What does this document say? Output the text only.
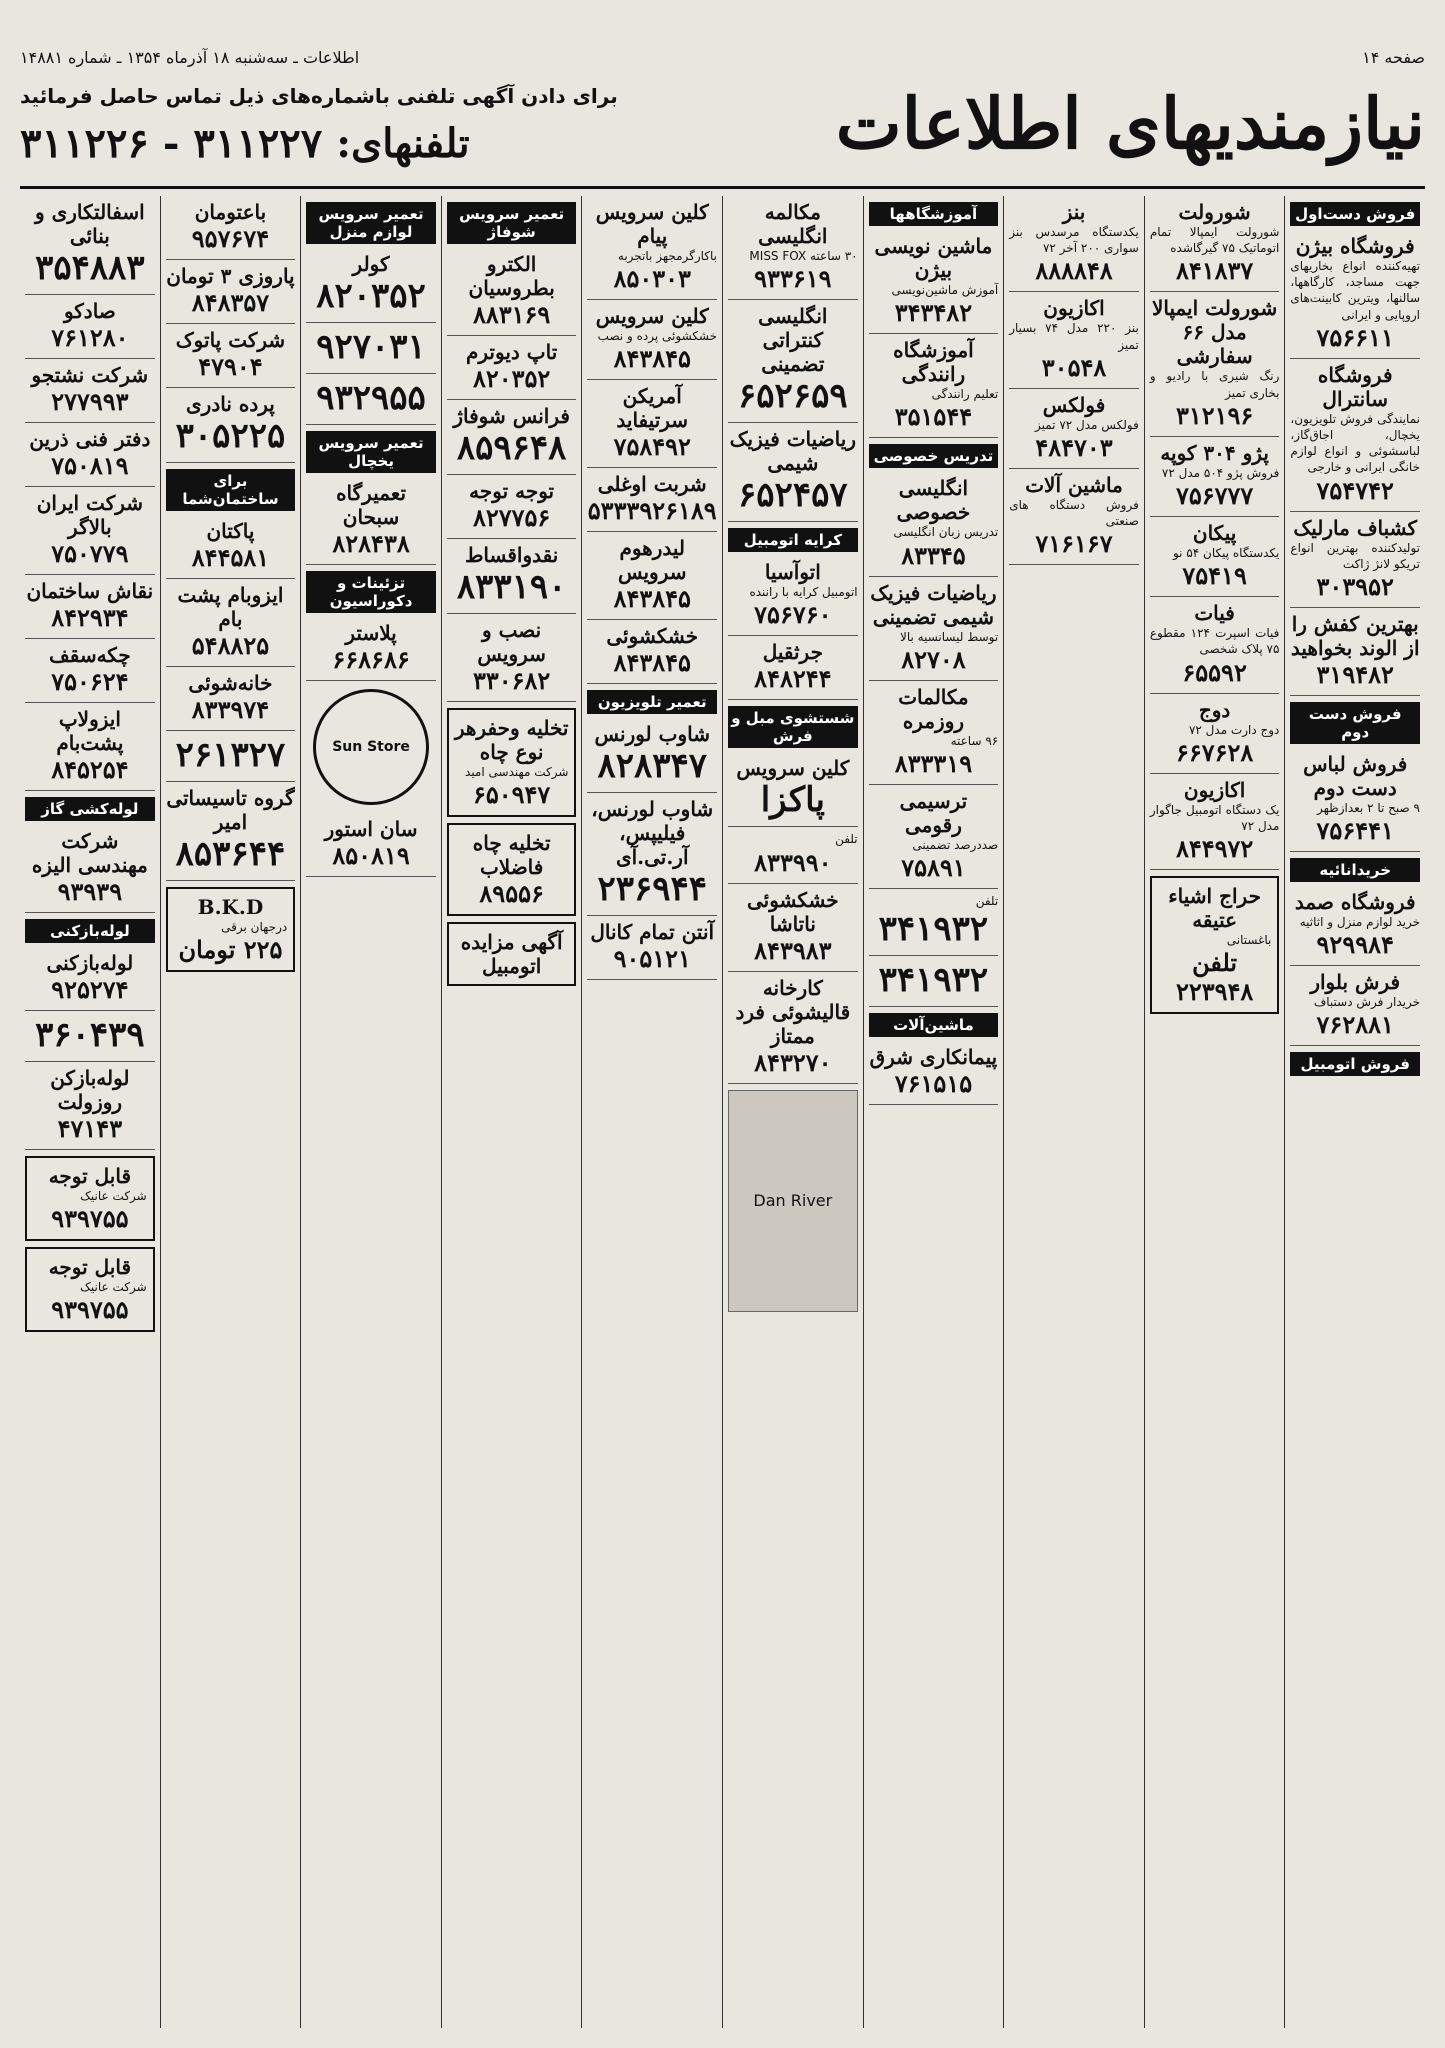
صفحه ۱۴
اطلاعات ـ سه‌شنبه ۱۸ آذرماه ۱۳۵۴ ـ شماره ۱۴۸۸۱
نیازمندیهای اطلاعات
برای دادن آگهی تلفنی باشماره‌های ذیل تماس حاصل فرمائید
تلفنهای: ۳۱۱۲۲۷ - ۳۱۱۲۲۶
فروش دست‌اول
فروشگاه بیژن
تهیه‌کننده انواع بخاریهای جهت مساجد، کارگاهها، سالنها، ویترین کابینت‌های اروپایی و ایرانی
۷۵۶۶۱۱
فروشگاه سانترال
نمایندگی فروش تلویزیون، یخچال، اجاق‌گاز، لباسشوئی و انواع لوازم خانگی ایرانی و خارجی
۷۵۴۷۴۲
کشباف مارلیک
تولیدکننده بهترین انواع تریکو لانژ ژاکت
۳۰۳۹۵۲
بهترین کفش را از الوند بخواهید
۳۱۹۴۸۲
فروش دست دوم
فروش لباس دست دوم
۹ صبح تا ۲ بعدازظهر
۷۵۶۴۴۱
خریدانائیه
فروشگاه صمد
خرید لوازم منزل و اثاثیه
۹۲۹۹۸۴
فرش بلوار
خریدار فرش دستباف
۷۶۲۸۸۱
فروش اتومبیل
شورولت
شورولت ایمپالا تمام اتوماتیک ۷۵ گیرگاشده
۸۴۱۸۳۷
شورولت ایمپالا مدل ۶۶ سفارشی
رنگ شیری با رادیو و بخاری تمیز
۳۱۲۱۹۶
پژو ۳۰۴ کوپه
فروش پژو ۵۰۴ مدل ۷۲
۷۵۶۷۷۷
پیکان
یکدستگاه پیکان ۵۴ نو
۷۵۴۱۹
فیات
فیات اسپرت ۱۲۴ مقطوع ۷۵ پلاک شخصی
۶۵۵۹۲
دوج
دوج دارت مدل ۷۲
۶۶۷۶۲۸
اکازیون
یک دستگاه اتومبیل جاگوار مدل ۷۲
۸۴۴۹۷۲
حراج اشیاء عتیقه
باغستانی
تلفن ۲۲۳۹۴۸
بنز
یکدستگاه مرسدس بنز سواری ۲۰۰ آخر ۷۲
۸۸۸۸۴۸
اکازیون
بنز ۲۲۰ مدل ۷۴ بسیار تمیز
۳۰۵۴۸
فولکس
فولکس مدل ۷۲ تمیز
۴۸۴۷۰۳
ماشین آلات
فروش دستگاه های صنعتی
۷۱۶۱۶۷
آموزشگاهها
ماشین نویسی بیژن
آموزش ماشین‌نویسی
۳۴۳۴۸۲
آموزشگاه رانندگی
تعلیم رانندگی
۳۵۱۵۴۴
تدریس خصوصی
انگلیسی خصوصی
تدریس زبان انگلیسی
۸۳۳۴۵
ریاضیات فیزیک شیمی تضمینی
توسط لیسانسیه بالا
۸۲۷۰۸
مکالمات روزمره
۹۶ ساعته
۸۳۳۳۱۹
ترسیمی رقومی
صددرصد تضمینی
۷۵۸۹۱
تلفن
۳۴۱۹۳۲
۳۴۱۹۳۲
ماشین‌آلات
پیمانکاری شرق
۷۶۱۵۱۵
مکالمه انگلیسی
۳۰ ساعته MISS FOX
۹۳۳۶۱۹
انگلیسی کنتراتی تضمینی
۶۵۲۶۵۹
ریاضیات فیزیک شیمی
۶۵۲۴۵۷
کرایه اتومبیل
اتوآسیا
اتومبیل کرایه با راننده
۷۵۶۷۶۰
جرثقیل
۸۴۸۲۴۴
شستشوی مبل و فرش
کلین سرویس
پاکزا
تلفن
۸۳۳۹۹۰
خشکشوئی ناتاشا
۸۴۳۹۸۳
کارخانه قالیشوئی فرد ممتاز
۸۴۳۲۷۰
Dan River
کلین سرویس پیام
باکارگرمجهز باتجربه
۸۵۰۳۰۳
کلین سرویس
خشکشوئی پرده و نصب
۸۴۳۸۴۵
آمریکن سرتیفاید
۷۵۸۴۹۲
شربت اوغلی
۵۳۳۳۹۲۶۱۸۹
لیدرهوم سرویس
۸۴۳۸۴۵
خشکشوئی
۸۴۳۸۴۵
تعمیر تلویزیون
شاوب لورنس
۸۲۸۳۴۷
شاوب لورنس، فیلیپس، آر.تی.آی
۲۳۶۹۴۴
آنتن تمام کانال
۹۰۵۱۲۱
تعمیر سرویس شوفاژ
الکترو بطروسیان
۸۸۳۱۶۹
تاپ دیوترم
۸۲۰۳۵۲
فرانس شوفاژ
۸۵۹۶۴۸
توجه توجه
۸۲۷۷۵۶
نقدواقساط
۸۳۳۱۹۰
نصب و سرویس
۳۳۰۶۸۲
تخلیه وحفرهر نوع چاه
شرکت مهندسی امید
۶۵۰۹۴۷
تخلیه چاه فاضلاب
۸۹۵۵۶
آگهی مزایده اتومبیل
تعمیر سرویس لوازم منزل
کولر
۸۲۰۳۵۲
۹۲۷۰۳۱
۹۳۲۹۵۵
تعمیر سرویس یخچال
تعمیرگاه سبحان
۸۲۸۴۳۸
تزئینات و دکوراسیون
پلاستر
۶۶۸۶۸۶
Sun Store
سان استور
۸۵۰۸۱۹
باعتومان
۹۵۷۶۷۴
پاروزی ۳ تومان
۸۴۸۳۵۷
شرکت پاتوک
۴۷۹۰۴
پرده نادری
۳۰۵۲۲۵
برای ساختمان‌شما
پاکتان
۸۴۴۵۸۱
ایزوبام پشت بام
۵۴۸۸۲۵
خانه‌شوئی
۸۳۳۹۷۴
۲۶۱۳۲۷
گروه تاسیساتی امیر
۸۵۳۶۴۴
B.K.D
درجهان برقی
۲۲۵ تومان
اسفالتکاری و بنائی
۳۵۴۸۸۳
صادکو
۷۶۱۲۸۰
شرکت نشتجو
۲۷۷۹۹۳
دفتر فنی ذرین
۷۵۰۸۱۹
شرکت ایران بالاگر
۷۵۰۷۷۹
نقاش ساختمان
۸۴۲۹۳۴
چکه‌سقف
۷۵۰۶۲۴
ایزولاپ پشت‌بام
۸۴۵۲۵۴
لوله‌کشی گاز
شرکت مهندسی الیزه
۹۳۹۳۹
لوله‌بازکنی
لوله‌بازکنی
۹۲۵۲۷۴
۳۶۰۴۳۹
لوله‌بازکن روزولت
۴۷۱۴۳
قابل توجه
شرکت عانیک
۹۳۹۷۵۵
قابل توجه
شرکت عانیک
۹۳۹۷۵۵
